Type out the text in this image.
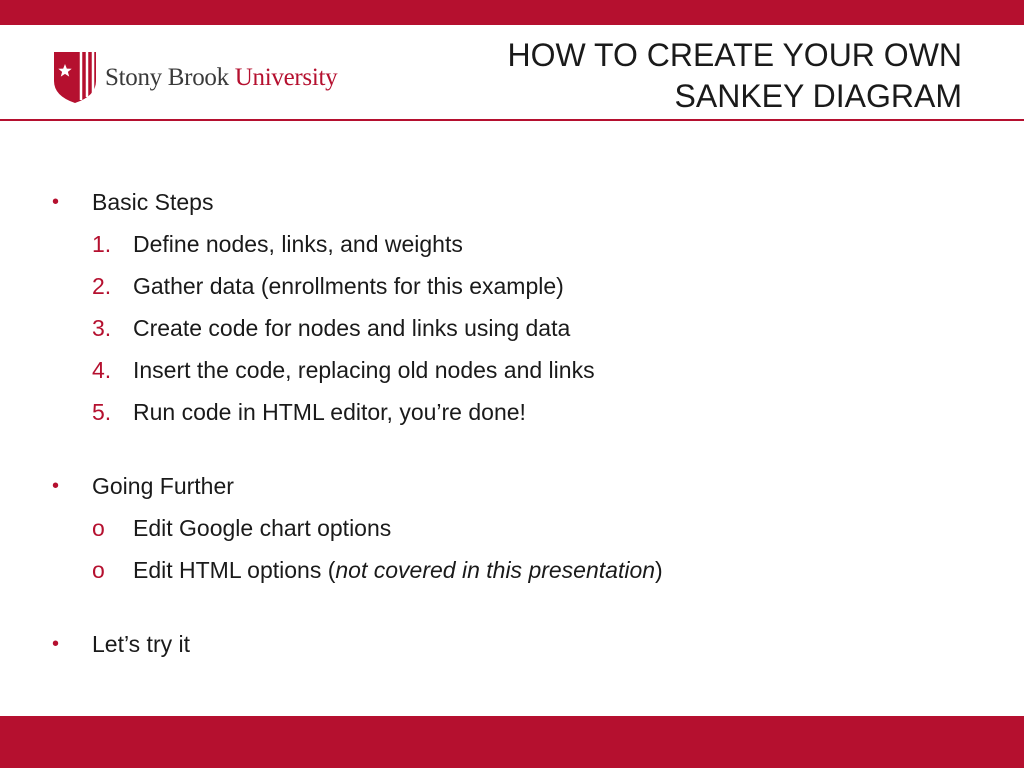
Stony Brook University
HOW TO CREATE YOUR OWN
SANKEY DIAGRAM
• Basic Steps
1. Define nodes, links, and weights
2. Gather data (enrollments for this example)
3. Create code for nodes and links using data
4. Insert the code, replacing old nodes and links
5. Run code in HTML editor, you’re done!
• Going Further
o Edit Google chart options
o Edit HTML options (not covered in this presentation)
• Let’s try it
